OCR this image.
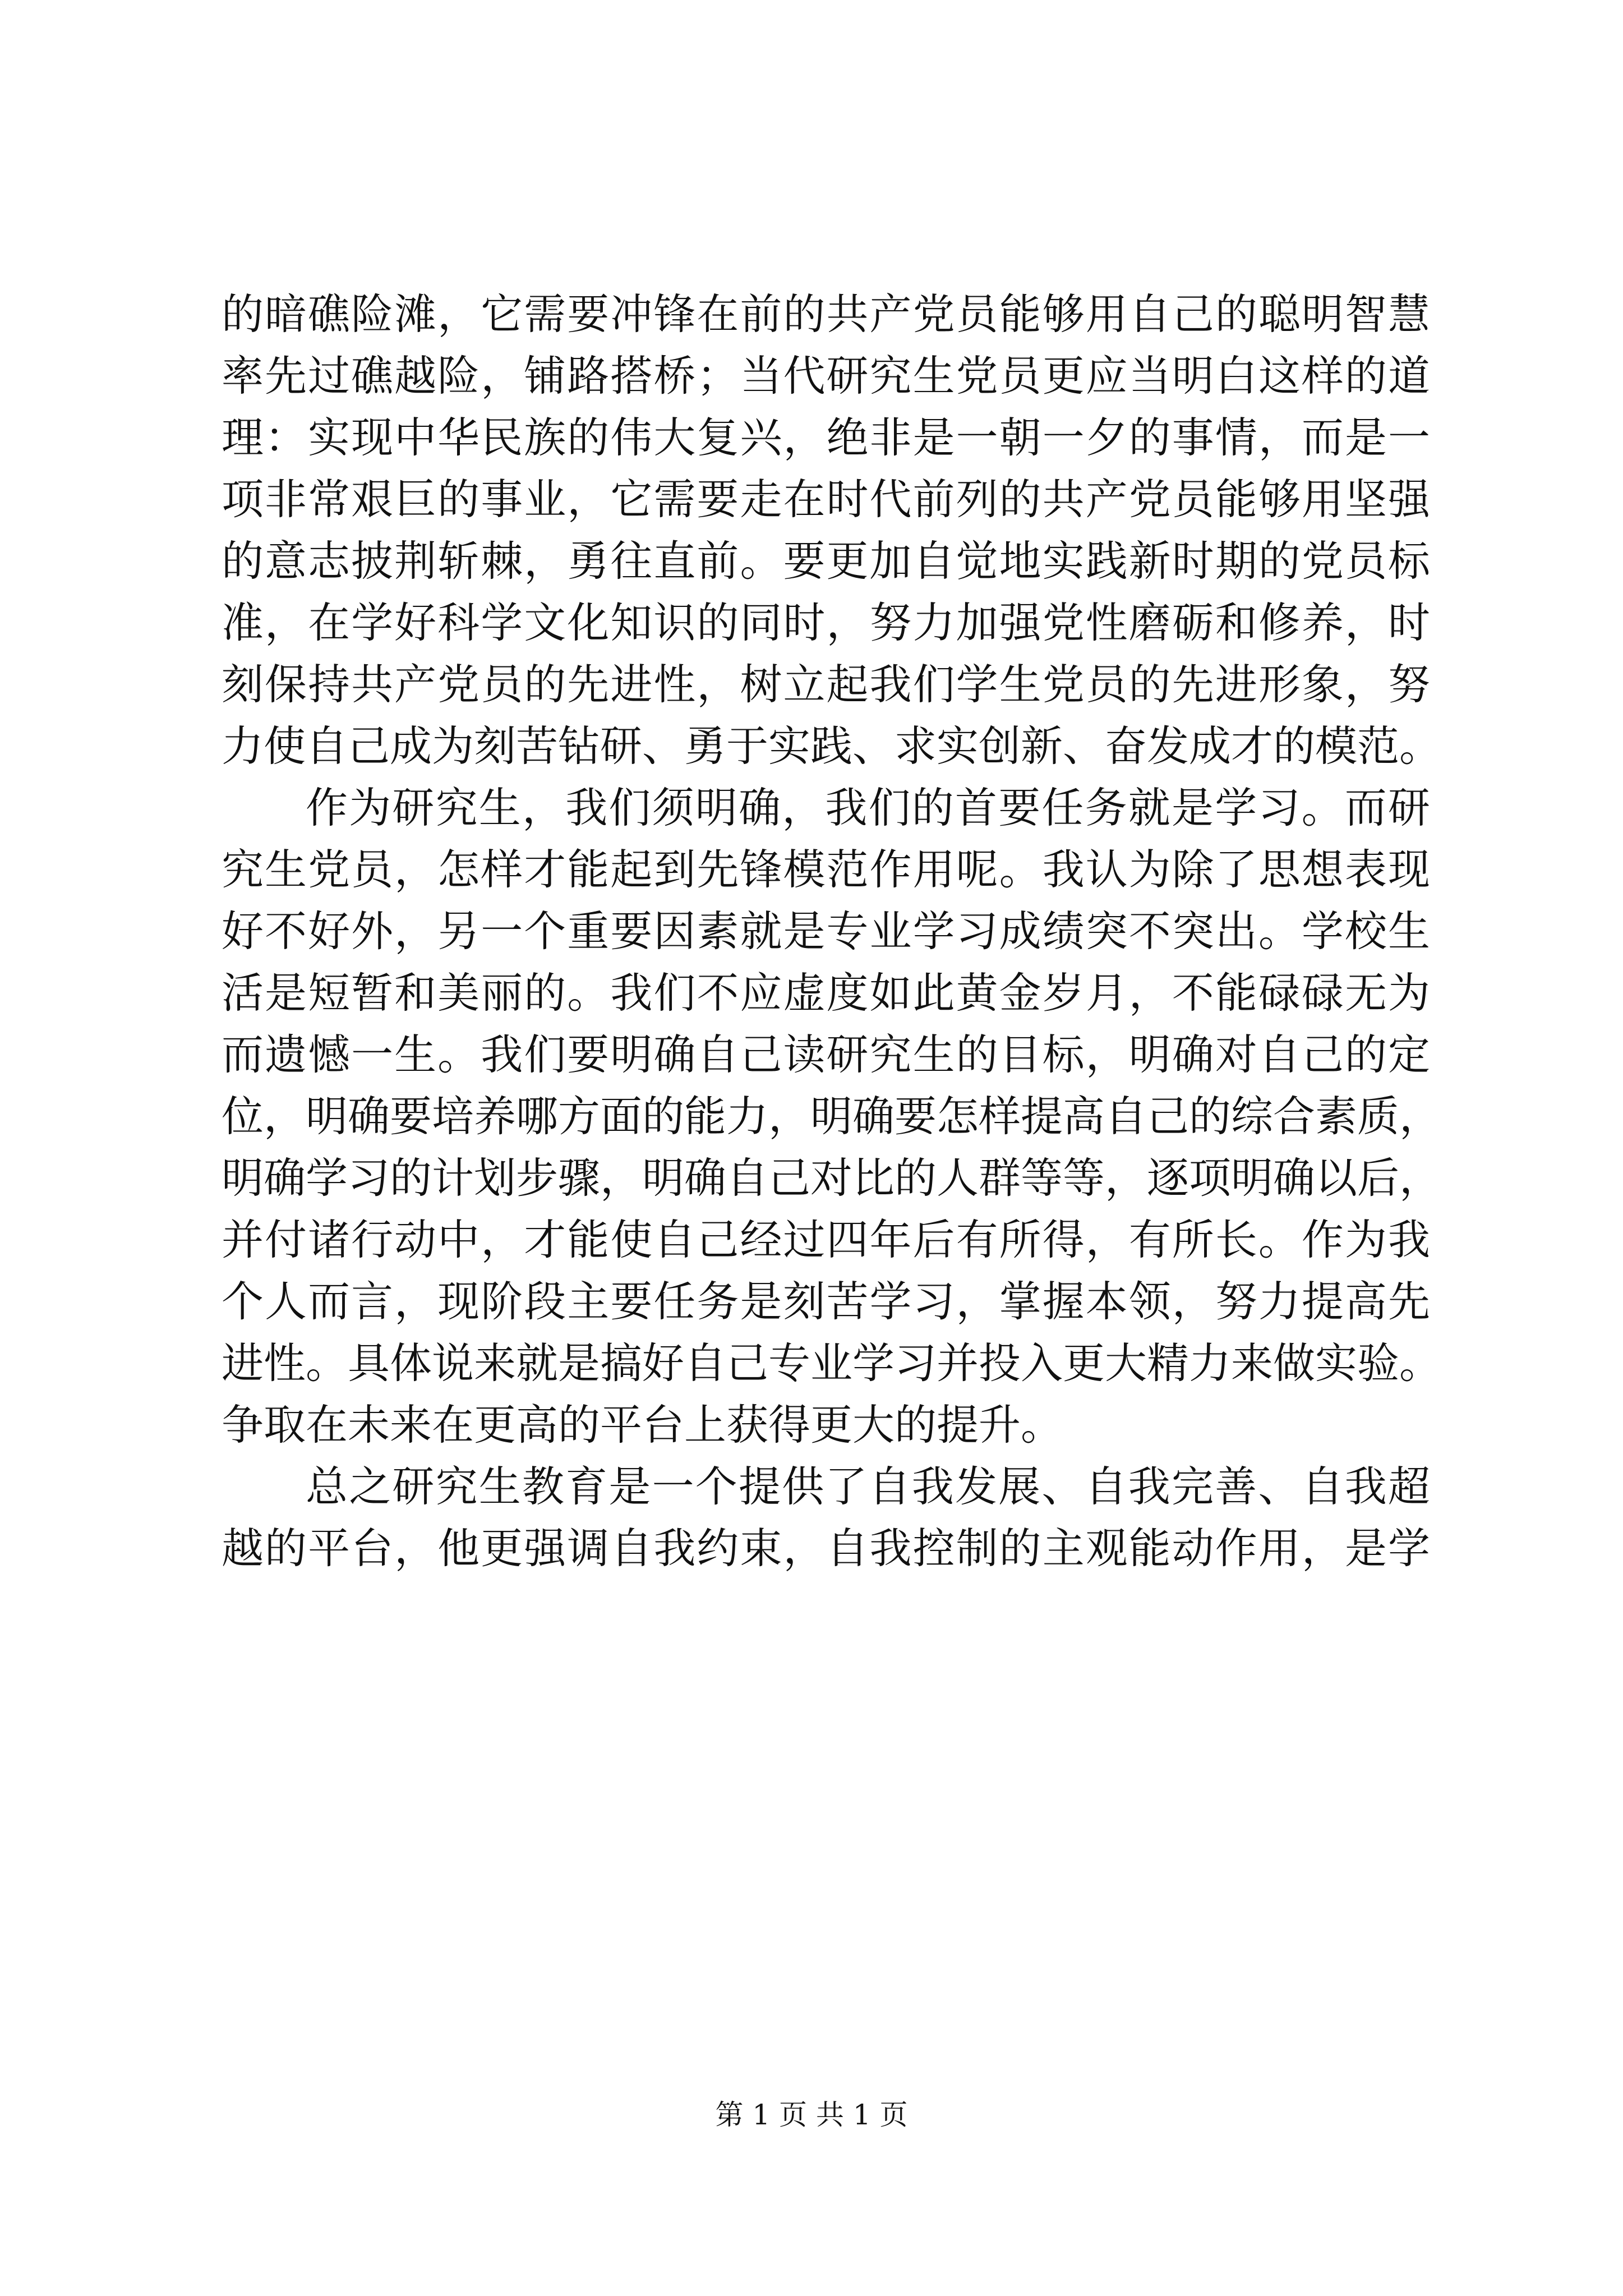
的暗礁险滩，它需要冲锋在前的共产党员能够用自己的聪明智慧
率先过礁越险，铺路搭桥；当代研究生党员更应当明白这样的道
理：实现中华民族的伟大复兴，绝非是一朝一夕的事情，而是一
项非常艰巨的事业，它需要走在时代前列的共产党员能够用坚强
的意志披荆斩棘，勇往直前。要更加自觉地实践新时期的党员标
准，在学好科学文化知识的同时，努力加强党性磨砺和修养，时
刻保持共产党员的先进性，树立起我们学生党员的先进形象，努
力使自己成为刻苦钻研、勇于实践、求实创新、奋发成才的模范。
作为研究生，我们须明确，我们的首要任务就是学习。而研
究生党员，怎样才能起到先锋模范作用呢。我认为除了思想表现
好不好外，另一个重要因素就是专业学习成绩突不突出。学校生
活是短暂和美丽的。我们不应虚度如此黄金岁月，不能碌碌无为
而遗憾一生。我们要明确自己读研究生的目标，明确对自己的定
位，明确要培养哪方面的能力，明确要怎样提高自己的综合素质，
明确学习的计划步骤，明确自己对比的人群等等，逐项明确以后，
并付诸行动中，才能使自己经过四年后有所得，有所长。作为我
个人而言，现阶段主要任务是刻苦学习，掌握本领，努力提高先
进性。具体说来就是搞好自己专业学习并投入更大精力来做实验。
争取在未来在更高的平台上获得更大的提升。
总之研究生教育是一个提供了自我发展、自我完善、自我超
越的平台，他更强调自我约束，自我控制的主观能动作用，是学
第 1 页 共 1 页
